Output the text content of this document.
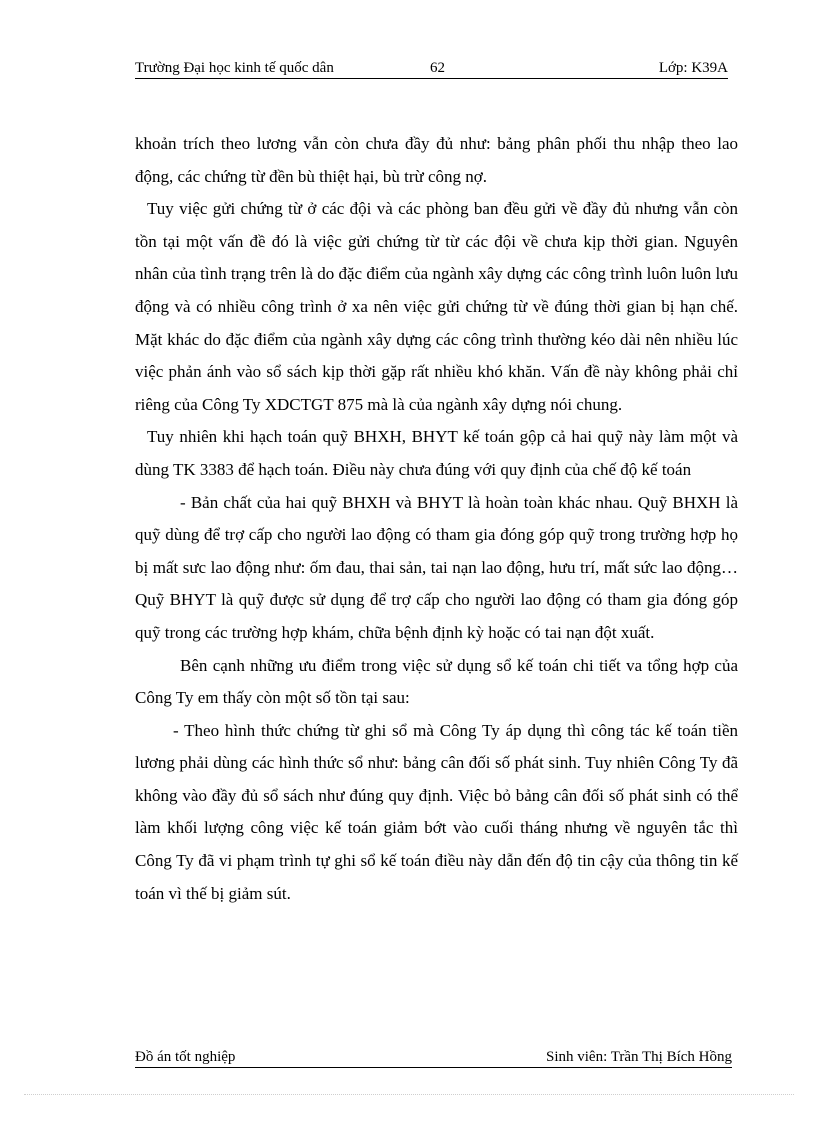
Trường Đại học kinh tế quốc dân	62	Lớp: K39A

khoản trích theo lương vẫn còn chưa đầy đủ như: bảng phân phối thu nhập theo lao động, các chứng từ đền bù thiệt hại, bù trừ công nợ.

Tuy việc gửi chứng từ ở các đội và các phòng ban đều gửi về đầy đủ nhưng vẫn còn tồn tại một vấn đề đó là việc gửi chứng từ từ các đội về chưa kịp thời gian. Nguyên nhân của tình trạng trên là do đặc điểm của ngành xây dựng các công trình luôn luôn lưu động và có nhiều công trình ở xa nên việc gửi chứng từ về đúng thời gian bị hạn chế. Mặt khác do đặc điểm của ngành xây dựng các công trình thường kéo dài nên nhiều lúc việc phản ánh vào sổ sách kịp thời gặp rất nhiều khó khăn. Vấn đề này không phải chỉ riêng của Công Ty XDCTGT 875 mà là của ngành xây dựng nói chung.

Tuy nhiên khi hạch toán quỹ BHXH, BHYT kế toán gộp cả hai quỹ này làm một và dùng TK 3383 để hạch toán. Điều này chưa đúng với quy định của chế độ kế toán

- Bản chất của hai quỹ BHXH và BHYT là hoàn toàn khác nhau. Quỹ BHXH là quỹ dùng để trợ cấp cho người lao động có tham gia đóng góp quỹ trong trường hợp họ bị mất sưc lao động như: ốm đau, thai sản, tai nạn lao động, hưu trí, mất sức lao động…Quỹ BHYT là quỹ được sử dụng để trợ cấp cho người lao động có tham gia đóng góp quỹ trong các trường hợp khám, chữa bệnh định kỳ hoặc có tai nạn đột xuất.

Bên cạnh những ưu điểm trong việc sử dụng sổ kế toán chi tiết va tổng hợp của Công Ty em thấy còn một số tồn tại sau:

- Theo hình thức chứng từ ghi sổ mà Công Ty áp dụng thì công tác kế toán tiền lương phải dùng các hình thức sổ như: bảng cân đối số phát sinh. Tuy nhiên Công Ty đã không vào đầy đủ sổ sách như đúng quy định. Việc bỏ bảng cân đối số phát sinh có thể làm khối lượng công việc kế toán giảm bớt vào cuối tháng nhưng về nguyên tắc thì Công Ty đã vi phạm trình tự ghi sổ kế toán điều này dẫn đến độ tin cậy của thông tin kế toán vì thế bị giảm sút.

Đồ án tốt nghiệp	Sinh viên: Trần Thị Bích Hồng
